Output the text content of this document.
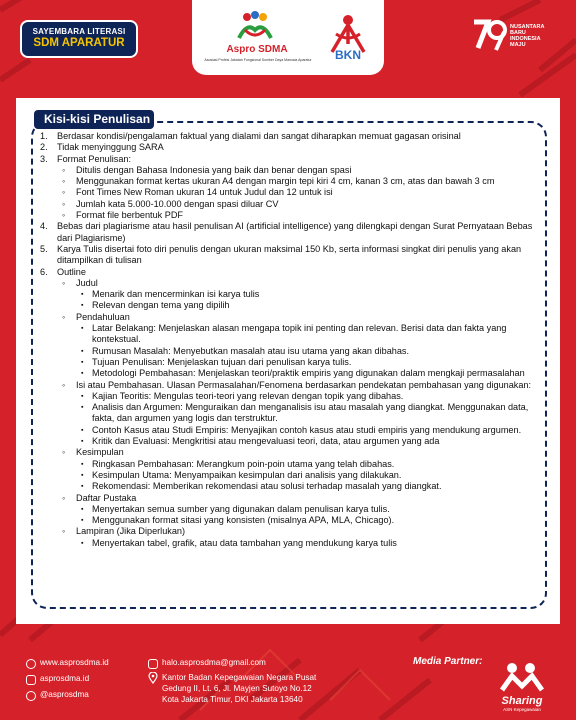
SAYEMBARA LITERASI
SDM APARATUR
Aspro SDMA
Asosiasi Profesi Jabatan Fungsional Sumber Daya Manusia Aparatur	BKN
NUSANTARA
BARU
INDONESIA
MAJU
Kisi-kisi Penulisan
Berdasar kondisi/pengalaman faktual yang dialami dan sangat diharapkan memuat gagasan orisinal
Tidak menyinggung SARA
Format Penulisan:
◦ Ditulis dengan Bahasa Indonesia yang baik dan benar dengan spasi
◦ Menggunakan format kertas ukuran A4 dengan margin tepi kiri 4 cm, kanan 3 cm, atas dan bawah 3 cm
◦ Font Times New Roman ukuran 14 untuk Judul dan 12 untuk isi
◦ Jumlah kata 5.000-10.000 dengan spasi diluar CV
◦ Format file berbentuk PDF
Bebas dari plagiarisme atau hasil penulisan AI (artificial intelligence) yang dilengkapi dengan Surat Pernyataan Bebas dari Plagiarisme)
Karya Tulis disertai foto diri penulis dengan ukuran maksimal 150 Kb, serta informasi singkat diri penulis yang akan ditampilkan di tulisan
Outline
◦ Judul
▪ Menarik dan mencerminkan isi karya tulis
▪ Relevan dengan tema yang dipilih
◦ Pendahuluan
▪ Latar Belakang: Menjelaskan alasan mengapa topik ini penting dan relevan. Berisi data dan fakta yang kontekstual.
▪ Rumusan Masalah: Menyebutkan masalah atau isu utama yang akan dibahas.
▪ Tujuan Penulisan: Menjelaskan tujuan dari penulisan karya tulis.
▪ Metodologi Pembahasan: Menjelaskan teori/praktik empiris yang digunakan dalam mengkaji permasalahan
◦ Isi atau Pembahasan. Ulasan Permasalahan/Fenomena berdasarkan pendekatan pembahasan yang digunakan:
▪ Kajian Teoritis: Mengulas teori-teori yang relevan dengan topik yang dibahas.
▪ Analisis dan Argumen: Menguraikan dan menganalisis isu atau masalah yang diangkat. Menggunakan data, fakta, dan argumen yang logis dan terstruktur.
▪ Contoh Kasus atau Studi Empiris: Menyajikan contoh kasus atau studi empiris yang mendukung argumen.
▪ Kritik dan Evaluasi: Mengkritisi atau mengevaluasi teori, data, atau argumen yang ada
◦ Kesimpulan
▪ Ringkasan Pembahasan: Merangkum poin-poin utama yang telah dibahas.
▪ Kesimpulan Utama: Menyampaikan kesimpulan dari analisis yang dilakukan.
▪ Rekomendasi: Memberikan rekomendasi atau solusi terhadap masalah yang diangkat.
◦ Daftar Pustaka
▪ Menyertakan semua sumber yang digunakan dalam penulisan karya tulis.
▪ Menggunakan format sitasi yang konsisten (misalnya APA, MLA, Chicago).
◦ Lampiran (Jika Diperlukan)
▪ Menyertakan tabel, grafik, atau data tambahan yang mendukung karya tulis
www.asprosdma.id
asprosdma.id
@asprosdma
halo.asprosdma@gmail.com
Kantor Badan Kepegawaian Negara Pusat
Gedung II, Lt. 6, Jl. Mayjen Sutoyo No.12
Kota Jakarta Timur, DKI Jakarta 13640
Media Partner:
Sharing
ASN Kepegawaian
